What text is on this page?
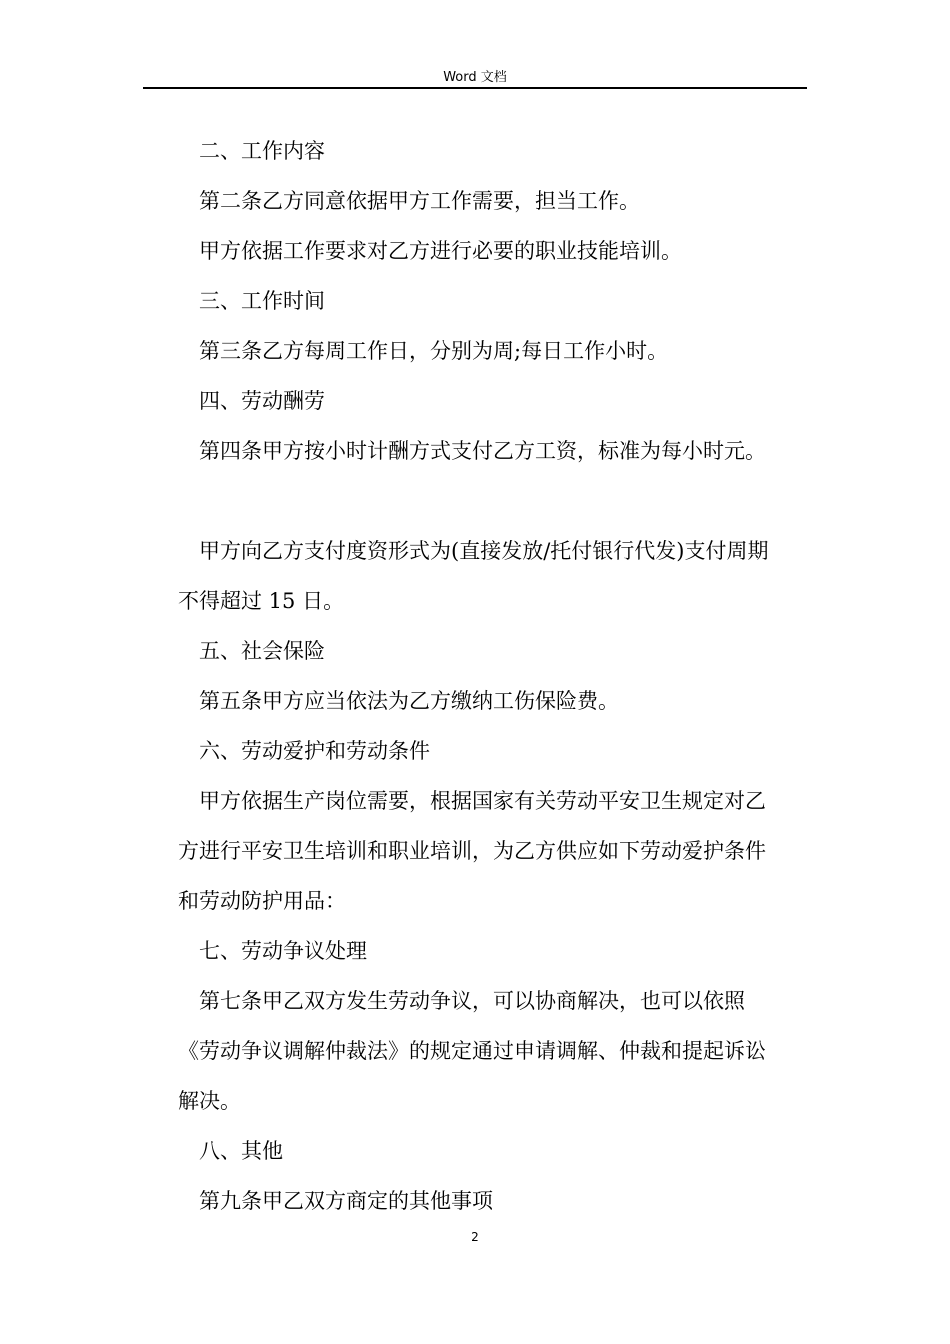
Word 文档

二、工作内容

第二条乙方同意依据甲方工作需要，担当工作。

甲方依据工作要求对乙方进行必要的职业技能培训。

三、工作时间

第三条乙方每周工作日，分别为周;每日工作小时。

四、劳动酬劳

第四条甲方按小时计酬方式支付乙方工资，标准为每小时元。

甲方向乙方支付度资形式为(直接发放/托付银行代发)支付周期

不得超过 15 日。

五、社会保险

第五条甲方应当依法为乙方缴纳工伤保险费。

六、劳动爱护和劳动条件

甲方依据生产岗位需要，根据国家有关劳动平安卫生规定对乙

方进行平安卫生培训和职业培训，为乙方供应如下劳动爱护条件

和劳动防护用品：

七、劳动争议处理

第七条甲乙双方发生劳动争议，可以协商解决，也可以依照

《劳动争议调解仲裁法》的规定通过申请调解、仲裁和提起诉讼

解决。

八、其他

第九条甲乙双方商定的其他事项

2
